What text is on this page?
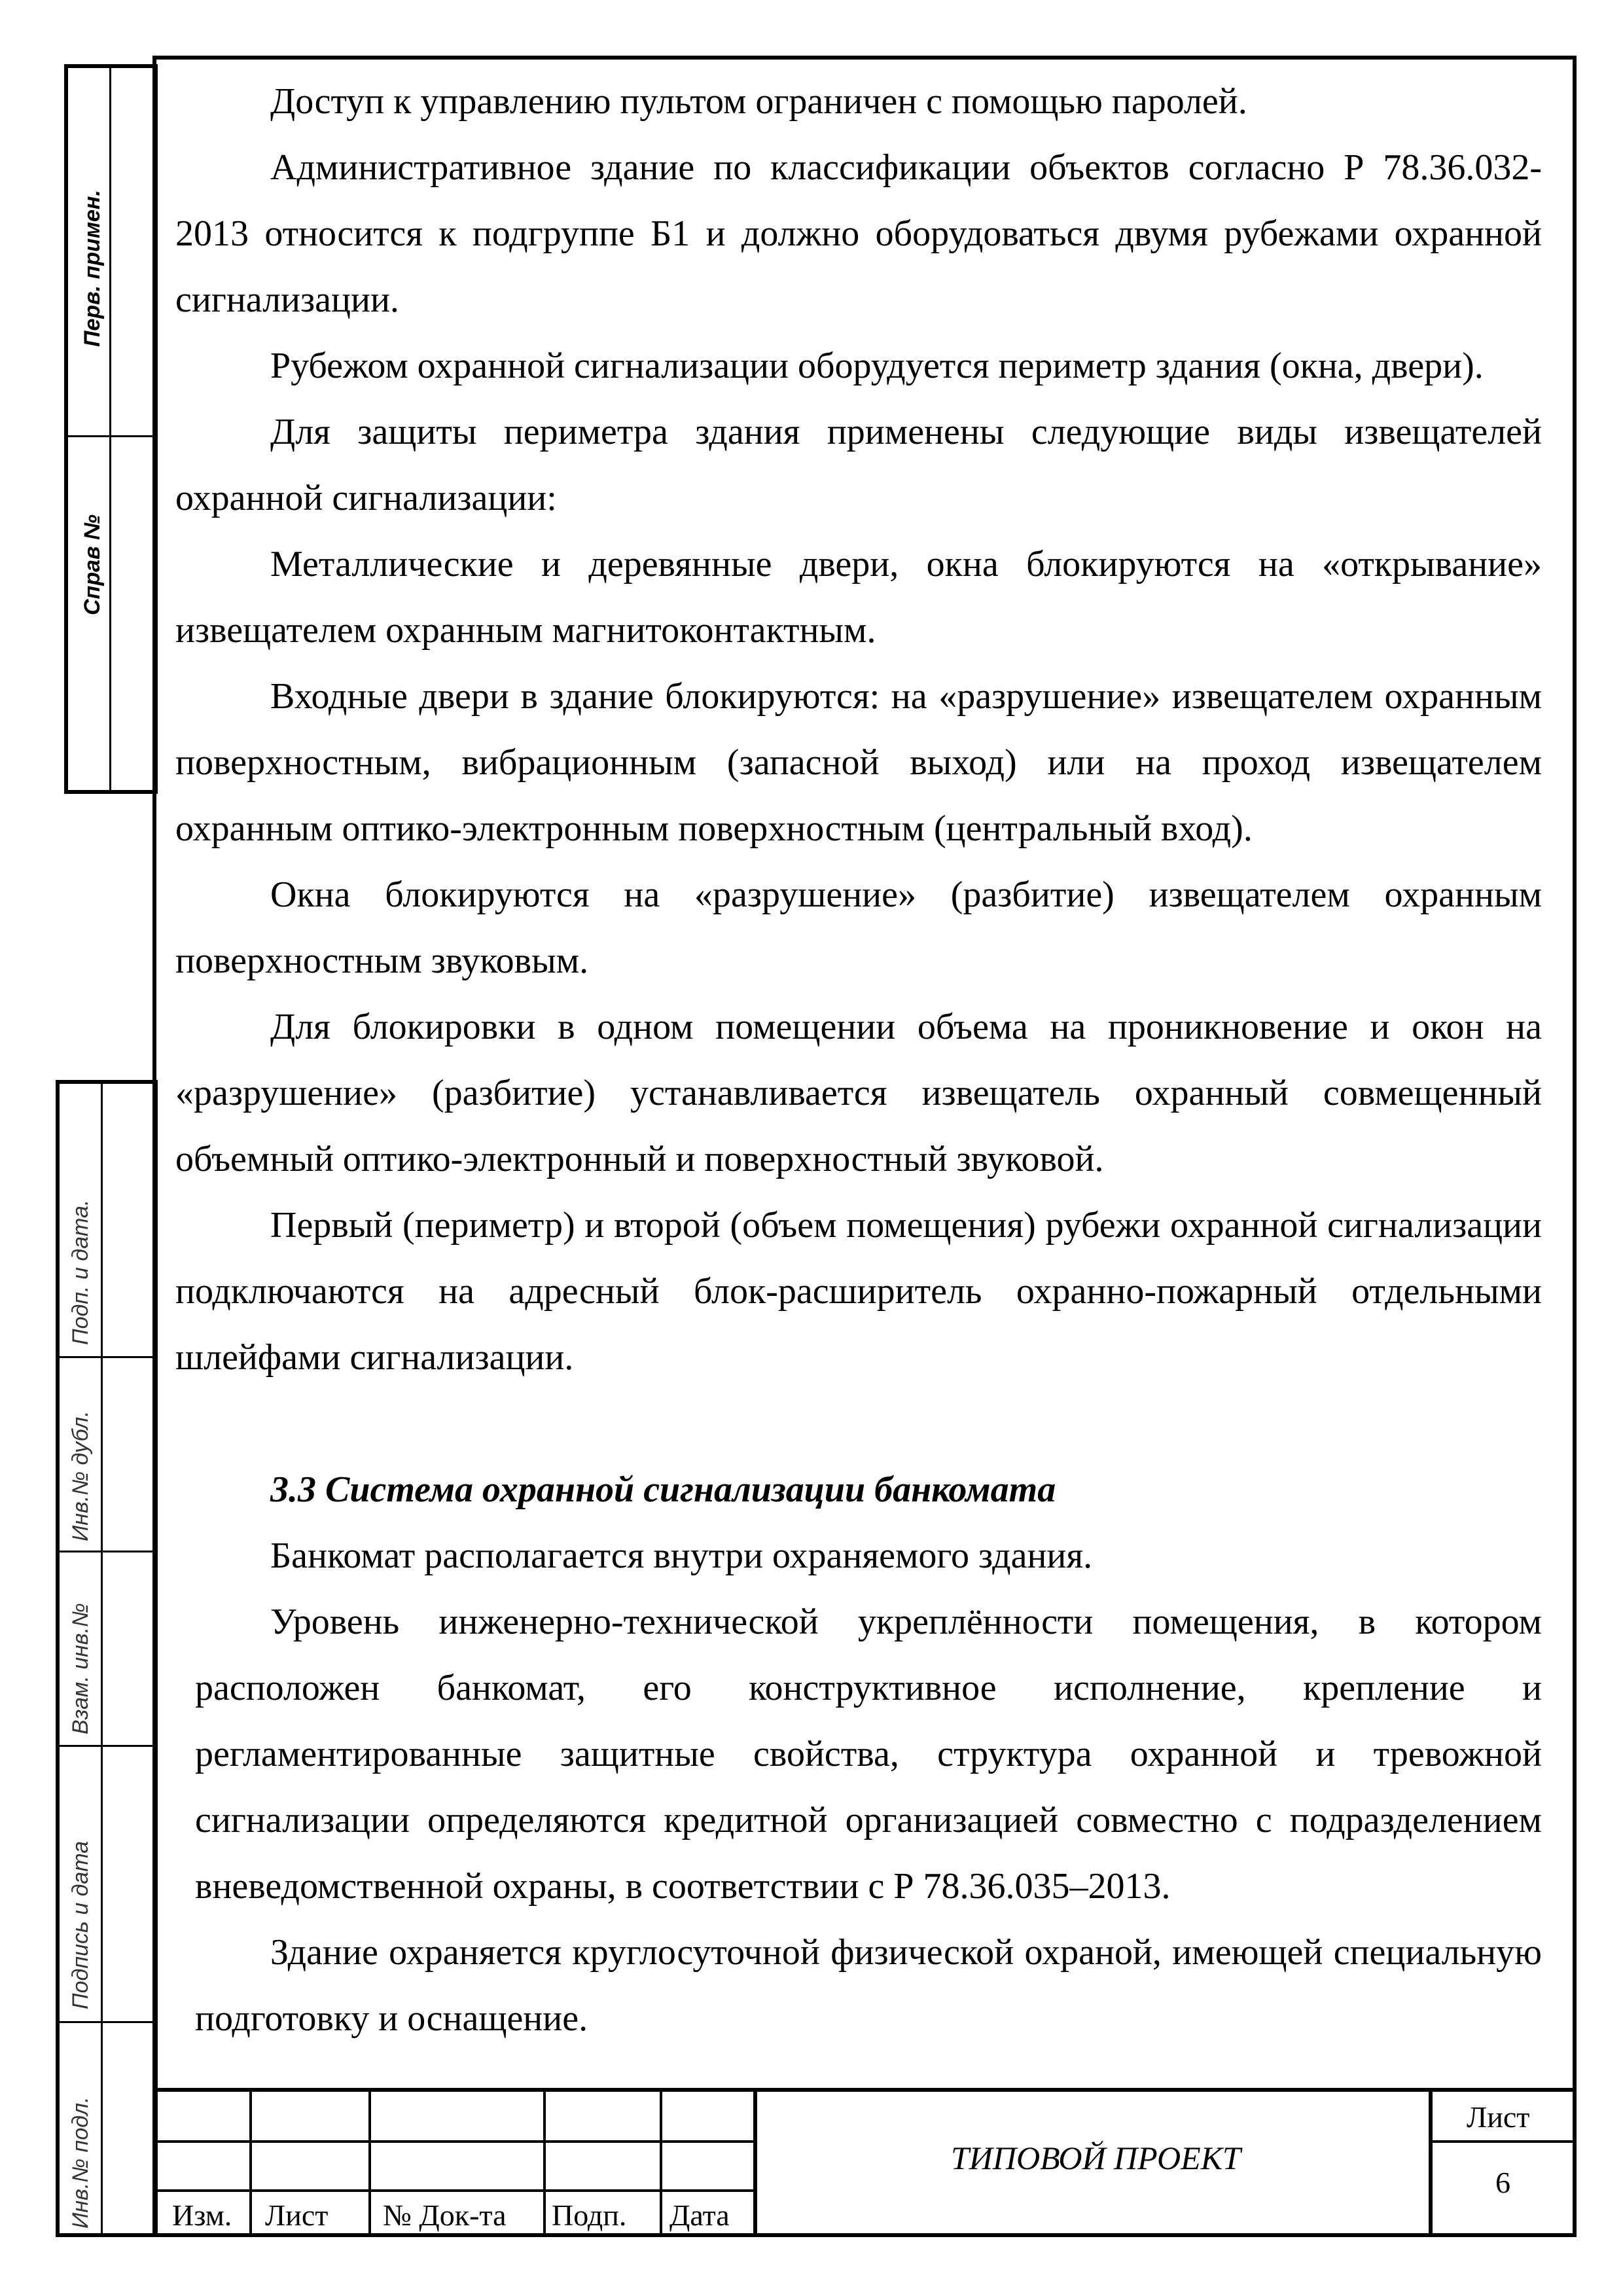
Перв. примен.
Справ №
Подп. и дата.
Инв.№ дубл.
Взам. инв.№
Подпись и дата
Инв.№ подл.

Доступ к управлению пультом ограничен с помощью паролей.

Административное здание по классификации объектов согласно Р 78.36.032-2013 относится к подгруппе Б1 и должно оборудоваться двумя рубежами охранной сигнализации.

Рубежом охранной сигнализации оборудуется периметр здания (окна, двери).

Для защиты периметра здания применены следующие виды извещателей охранной сигнализации:

Металлические и деревянные двери, окна блокируются на «открывание» извещателем охранным магнитоконтактным.

Входные двери в здание блокируются: на «разрушение» извещателем охранным поверхностным, вибрационным (запасной выход) или на проход извещателем охранным оптико-электронным поверхностным (центральный вход).

Окна блокируются на «разрушение» (разбитие) извещателем охранным поверхностным звуковым.

Для блокировки в одном помещении объема на проникновение и окон на «разрушение» (разбитие) устанавливается извещатель охранный совмещенный объемный оптико-электронный и поверхностный звуковой.

Первый (периметр) и второй (объем помещения) рубежи охранной сигнализации подключаются на адресный блок-расширитель охранно-пожарный отдельными шлейфами сигнализации.

3.3 Система охранной сигнализации банкомата

Банкомат располагается внутри охраняемого здания.

Уровень инженерно-технической укреплённости помещения, в котором расположен банкомат, его конструктивное исполнение, крепление и регламентированные защитные свойства, структура охранной и тревожной сигнализации определяются кредитной организацией совместно с подразделением вневедомственной охраны, в соответствии с Р 78.36.035–2013.

Здание охраняется круглосуточной физической охраной, имеющей специальную подготовку и оснащение.

Изм. Лист № Док-та Подп. Дата
ТИПОВОЙ ПРОЕКТ
Лист
6
